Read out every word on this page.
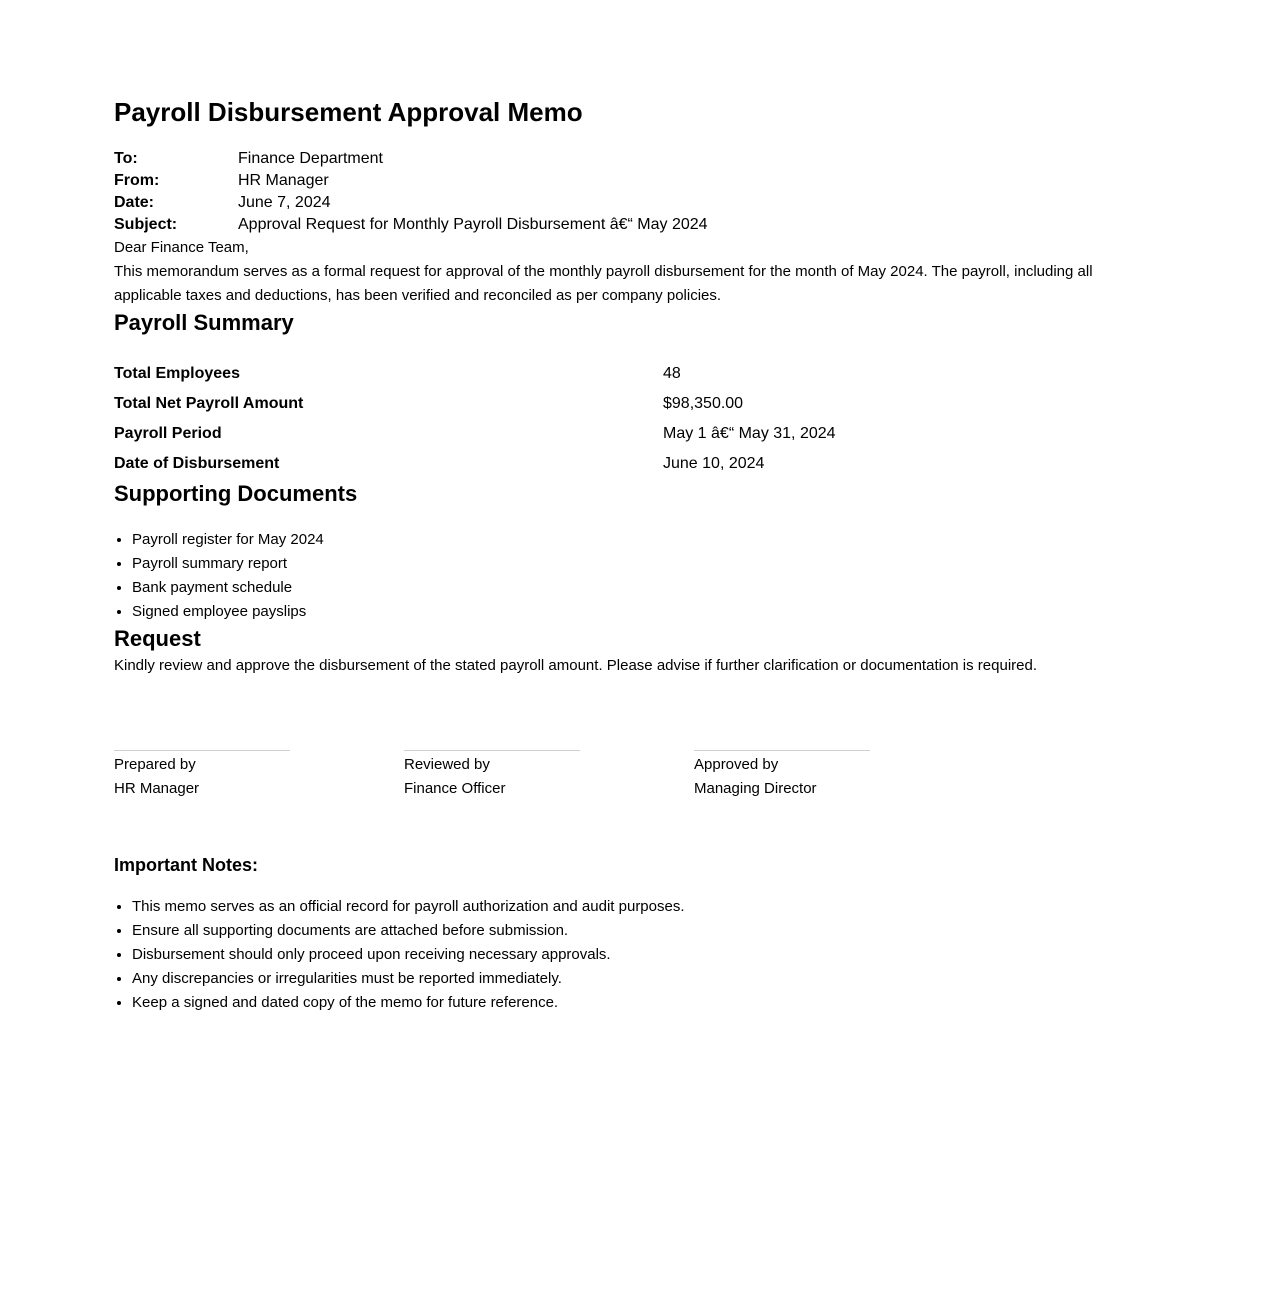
Payroll Disbursement Approval Memo
To:	Finance Department
From:	HR Manager
Date:	June 7, 2024
Subject:	Approval Request for Monthly Payroll Disbursement â€“ May 2024

Dear Finance Team,

This memorandum serves as a formal request for approval of the monthly payroll disbursement for the month of May 2024. The payroll, including all applicable taxes and deductions, has been verified and reconciled as per company policies.

Payroll Summary
Total Employees	48
Total Net Payroll Amount	$98,350.00
Payroll Period	May 1 â€“ May 31, 2024
Date of Disbursement	June 10, 2024
Supporting Documents
• Payroll register for May 2024
• Payroll summary report
• Bank payment schedule
• Signed employee payslips
Request

Kindly review and approve the disbursement of the stated payroll amount. Please advise if further clarification or documentation is required.

Prepared by
HR Manager
Reviewed by
Finance Officer
Approved by
Managing Director
Important Notes:
• This memo serves as an official record for payroll authorization and audit purposes.
• Ensure all supporting documents are attached before submission.
• Disbursement should only proceed upon receiving necessary approvals.
• Any discrepancies or irregularities must be reported immediately.
• Keep a signed and dated copy of the memo for future reference.
